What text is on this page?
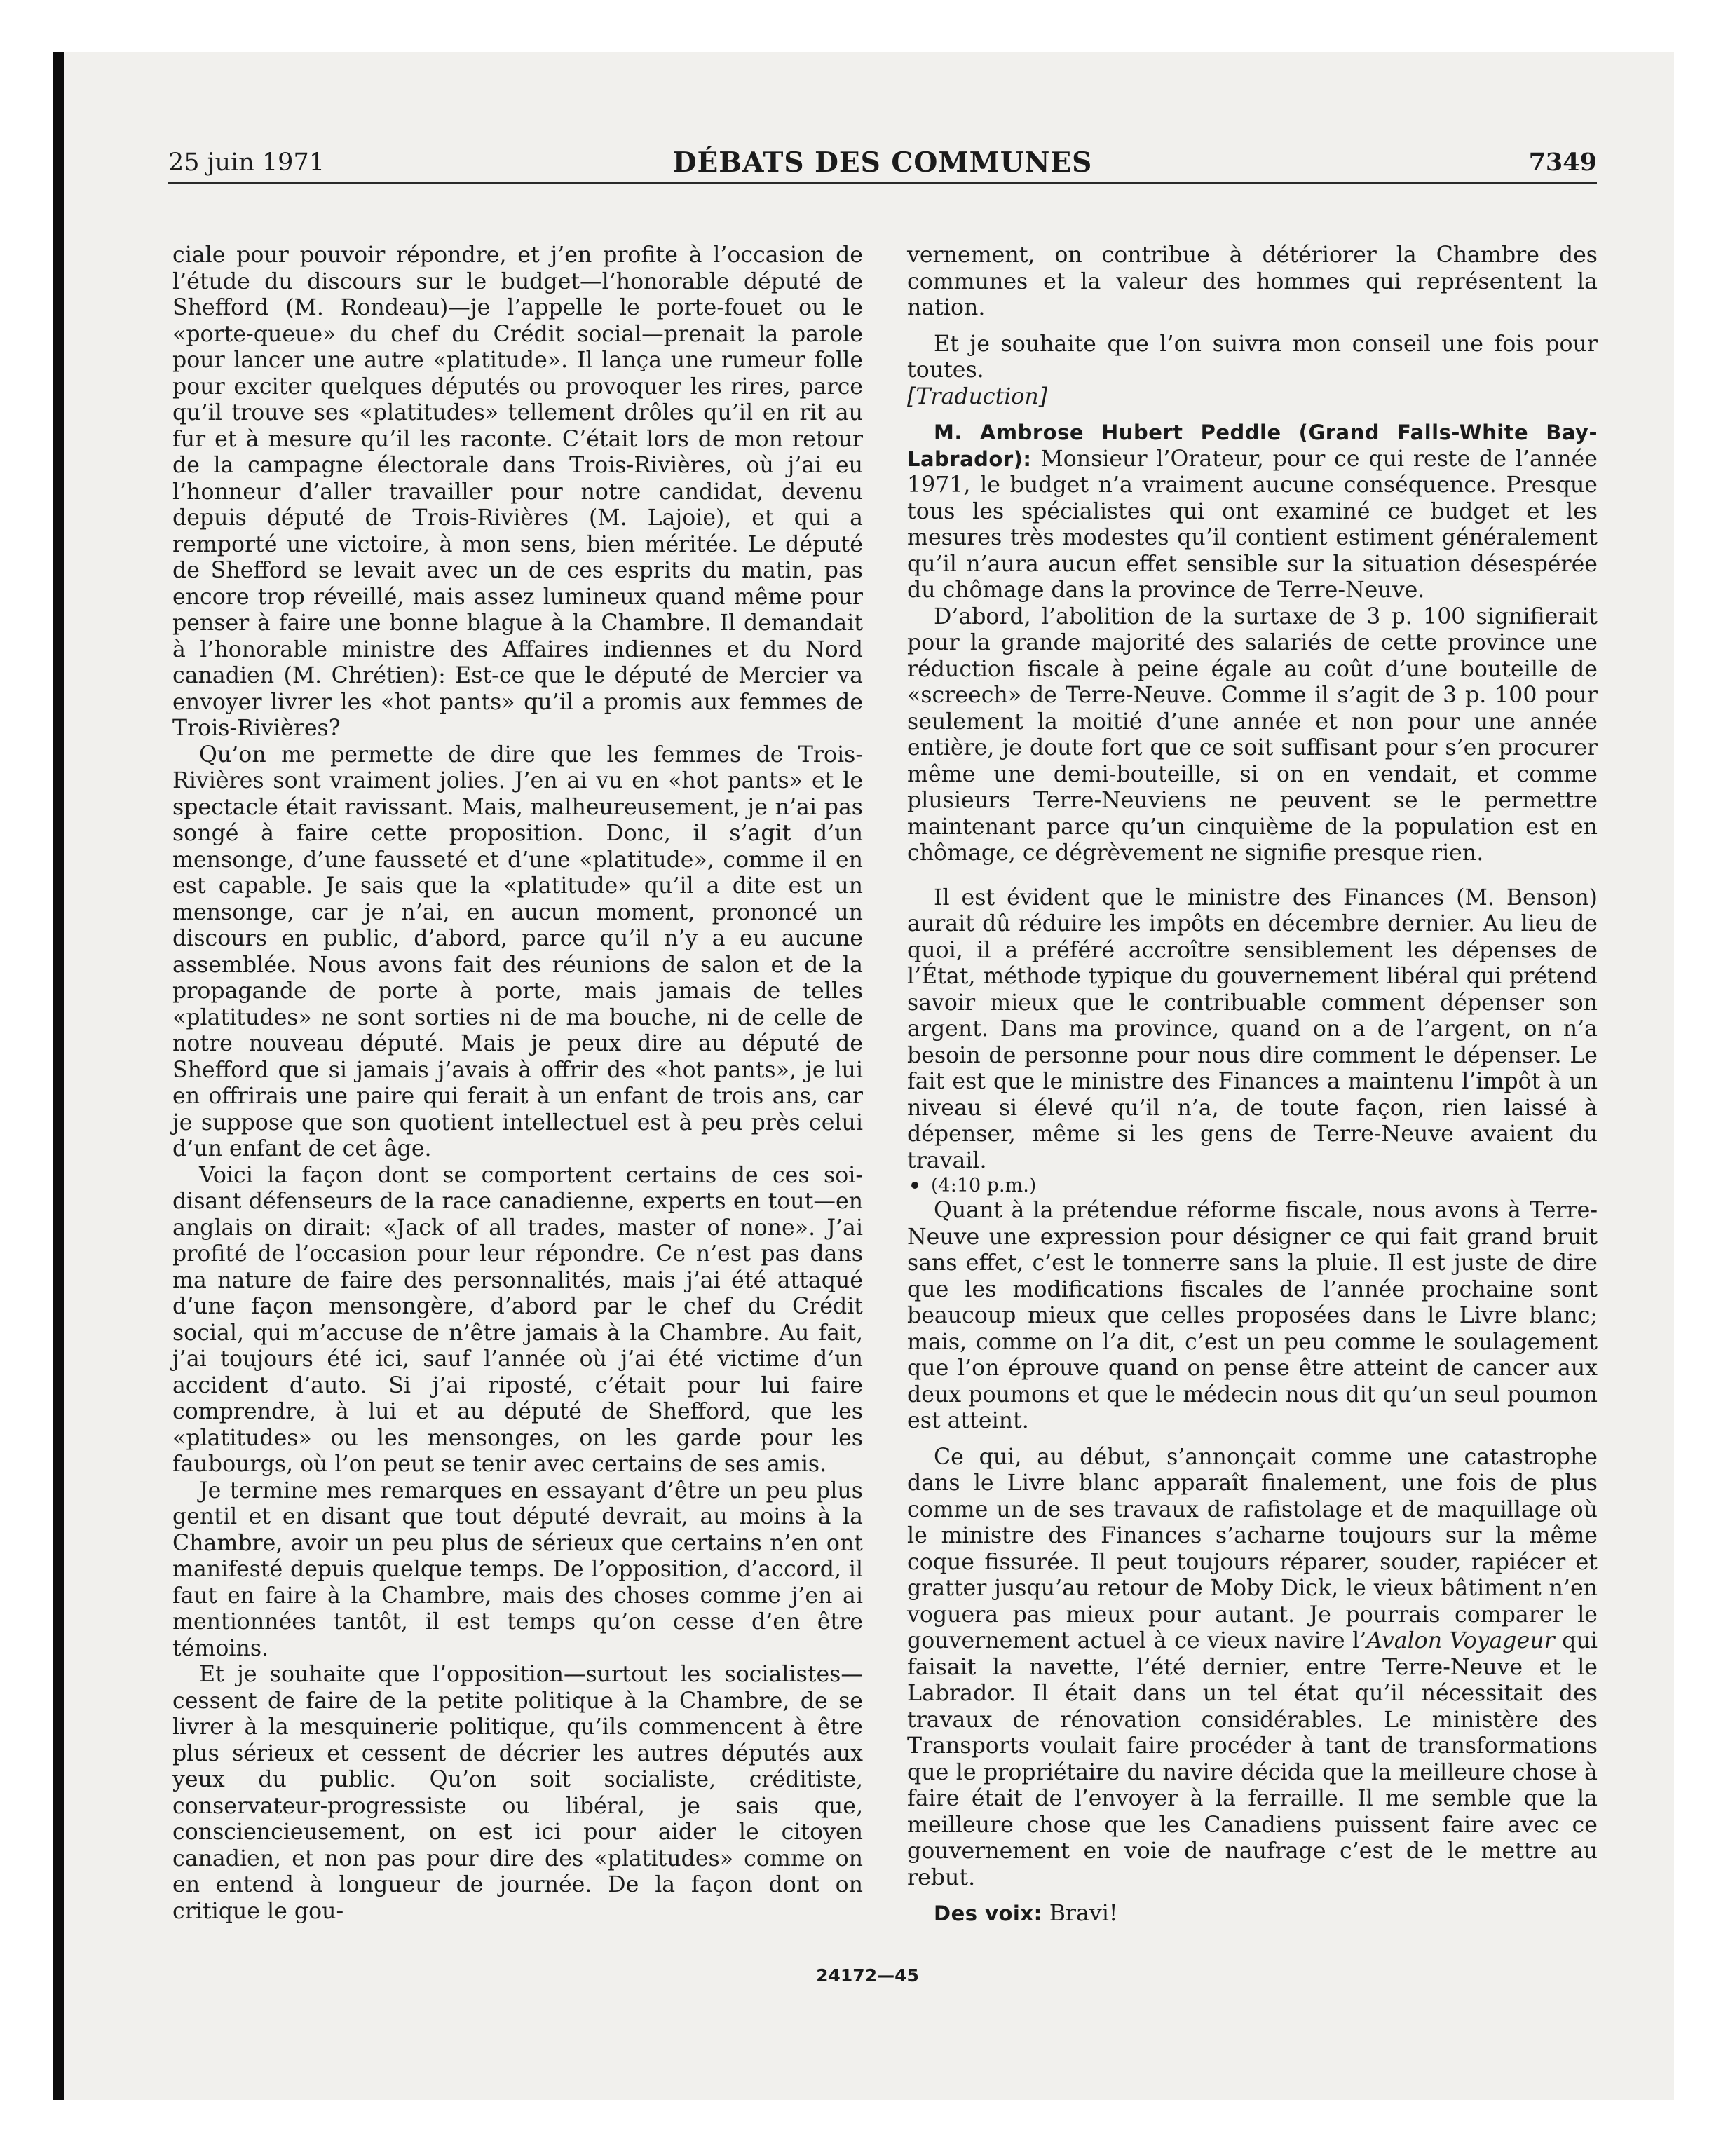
25 juin 1971	DÉBATS DES COMMUNES	7349

ciale pour pouvoir répondre, et j’en profite à l’occasion de l’étude du discours sur le budget—l’honorable député de Shefford (M. Rondeau)—je l’appelle le porte-fouet ou le «porte-queue» du chef du Crédit social—prenait la parole pour lancer une autre «platitude». Il lança une rumeur folle pour exciter quelques députés ou provoquer les rires, parce qu’il trouve ses «platitudes» tellement drôles qu’il en rit au fur et à mesure qu’il les raconte. C’était lors de mon retour de la campagne électorale dans Trois-Rivières, où j’ai eu l’honneur d’aller travailler pour notre candidat, devenu depuis député de Trois-Rivières (M. Lajoie), et qui a remporté une victoire, à mon sens, bien méritée. Le député de Shefford se levait avec un de ces esprits du matin, pas encore trop réveillé, mais assez lumineux quand même pour penser à faire une bonne blague à la Chambre. Il demandait à l’honorable ministre des Affaires indiennes et du Nord canadien (M. Chrétien): Est-ce que le député de Mercier va envoyer livrer les «hot pants» qu’il a promis aux femmes de Trois-Rivières?

Qu’on me permette de dire que les femmes de Trois-Rivières sont vraiment jolies. J’en ai vu en «hot pants» et le spectacle était ravissant. Mais, malheureusement, je n’ai pas songé à faire cette proposition. Donc, il s’agit d’un mensonge, d’une fausseté et d’une «platitude», comme il en est capable. Je sais que la «platitude» qu’il a dite est un mensonge, car je n’ai, en aucun moment, prononcé un discours en public, d’abord, parce qu’il n’y a eu aucune assemblée. Nous avons fait des réunions de salon et de la propagande de porte à porte, mais jamais de telles «platitudes» ne sont sorties ni de ma bouche, ni de celle de notre nouveau député. Mais je peux dire au député de Shefford que si jamais j’avais à offrir des «hot pants», je lui en offrirais une paire qui ferait à un enfant de trois ans, car je suppose que son quotient intellectuel est à peu près celui d’un enfant de cet âge.

Voici la façon dont se comportent certains de ces soi-disant défenseurs de la race canadienne, experts en tout—en anglais on dirait: «Jack of all trades, master of none». J’ai profité de l’occasion pour leur répondre. Ce n’est pas dans ma nature de faire des personnalités, mais j’ai été attaqué d’une façon mensongère, d’abord par le chef du Crédit social, qui m’accuse de n’être jamais à la Chambre. Au fait, j’ai toujours été ici, sauf l’année où j’ai été victime d’un accident d’auto. Si j’ai riposté, c’était pour lui faire comprendre, à lui et au député de Shefford, que les «platitudes» ou les mensonges, on les garde pour les faubourgs, où l’on peut se tenir avec certains de ses amis.

Je termine mes remarques en essayant d’être un peu plus gentil et en disant que tout député devrait, au moins à la Chambre, avoir un peu plus de sérieux que certains n’en ont manifesté depuis quelque temps. De l’opposition, d’accord, il faut en faire à la Chambre, mais des choses comme j’en ai mentionnées tantôt, il est temps qu’on cesse d’en être témoins.

Et je souhaite que l’opposition—surtout les socialistes—cessent de faire de la petite politique à la Chambre, de se livrer à la mesquinerie politique, qu’ils commencent à être plus sérieux et cessent de décrier les autres députés aux yeux du public. Qu’on soit socialiste, créditiste, conservateur-progressiste ou libéral, je sais que, consciencieusement, on est ici pour aider le citoyen canadien, et non pas pour dire des «platitudes» comme on en entend à longueur de journée. De la façon dont on critique le gou-

vernement, on contribue à détériorer la Chambre des communes et la valeur des hommes qui représentent la nation.

Et je souhaite que l’on suivra mon conseil une fois pour toutes.

[Traduction]

M. Ambrose Hubert Peddle (Grand Falls-White Bay-Labrador): Monsieur l’Orateur, pour ce qui reste de l’année 1971, le budget n’a vraiment aucune conséquence. Presque tous les spécialistes qui ont examiné ce budget et les mesures très modestes qu’il contient estiment généralement qu’il n’aura aucun effet sensible sur la situation désespérée du chômage dans la province de Terre-Neuve.

D’abord, l’abolition de la surtaxe de 3 p. 100 signifierait pour la grande majorité des salariés de cette province une réduction fiscale à peine égale au coût d’une bouteille de «screech» de Terre-Neuve. Comme il s’agit de 3 p. 100 pour seulement la moitié d’une année et non pour une année entière, je doute fort que ce soit suffisant pour s’en procurer même une demi-bouteille, si on en vendait, et comme plusieurs Terre-Neuviens ne peuvent se le permettre maintenant parce qu’un cinquième de la population est en chômage, ce dégrèvement ne signifie presque rien.

Il est évident que le ministre des Finances (M. Benson) aurait dû réduire les impôts en décembre dernier. Au lieu de quoi, il a préféré accroître sensiblement les dépenses de l’État, méthode typique du gouvernement libéral qui prétend savoir mieux que le contribuable comment dépenser son argent. Dans ma province, quand on a de l’argent, on n’a besoin de personne pour nous dire comment le dépenser. Le fait est que le ministre des Finances a maintenu l’impôt à un niveau si élevé qu’il n’a, de toute façon, rien laissé à dépenser, même si les gens de Terre-Neuve avaient du travail.

(4:10 p.m.)

Quant à la prétendue réforme fiscale, nous avons à Terre-Neuve une expression pour désigner ce qui fait grand bruit sans effet, c’est le tonnerre sans la pluie. Il est juste de dire que les modifications fiscales de l’année prochaine sont beaucoup mieux que celles proposées dans le Livre blanc; mais, comme on l’a dit, c’est un peu comme le soulagement que l’on éprouve quand on pense être atteint de cancer aux deux poumons et que le médecin nous dit qu’un seul poumon est atteint.

Ce qui, au début, s’annonçait comme une catastrophe dans le Livre blanc apparaît finalement, une fois de plus comme un de ses travaux de rafistolage et de maquillage où le ministre des Finances s’acharne toujours sur la même coque fissurée. Il peut toujours réparer, souder, rapiécer et gratter jusqu’au retour de Moby Dick, le vieux bâtiment n’en voguera pas mieux pour autant. Je pourrais comparer le gouvernement actuel à ce vieux navire l’Avalon Voyageur qui faisait la navette, l’été dernier, entre Terre-Neuve et le Labrador. Il était dans un tel état qu’il nécessitait des travaux de rénovation considérables. Le ministère des Transports voulait faire procéder à tant de transformations que le propriétaire du navire décida que la meilleure chose à faire était de l’envoyer à la ferraille. Il me semble que la meilleure chose que les Canadiens puissent faire avec ce gouvernement en voie de naufrage c’est de le mettre au rebut.

Des voix: Bravi!

24172—45
